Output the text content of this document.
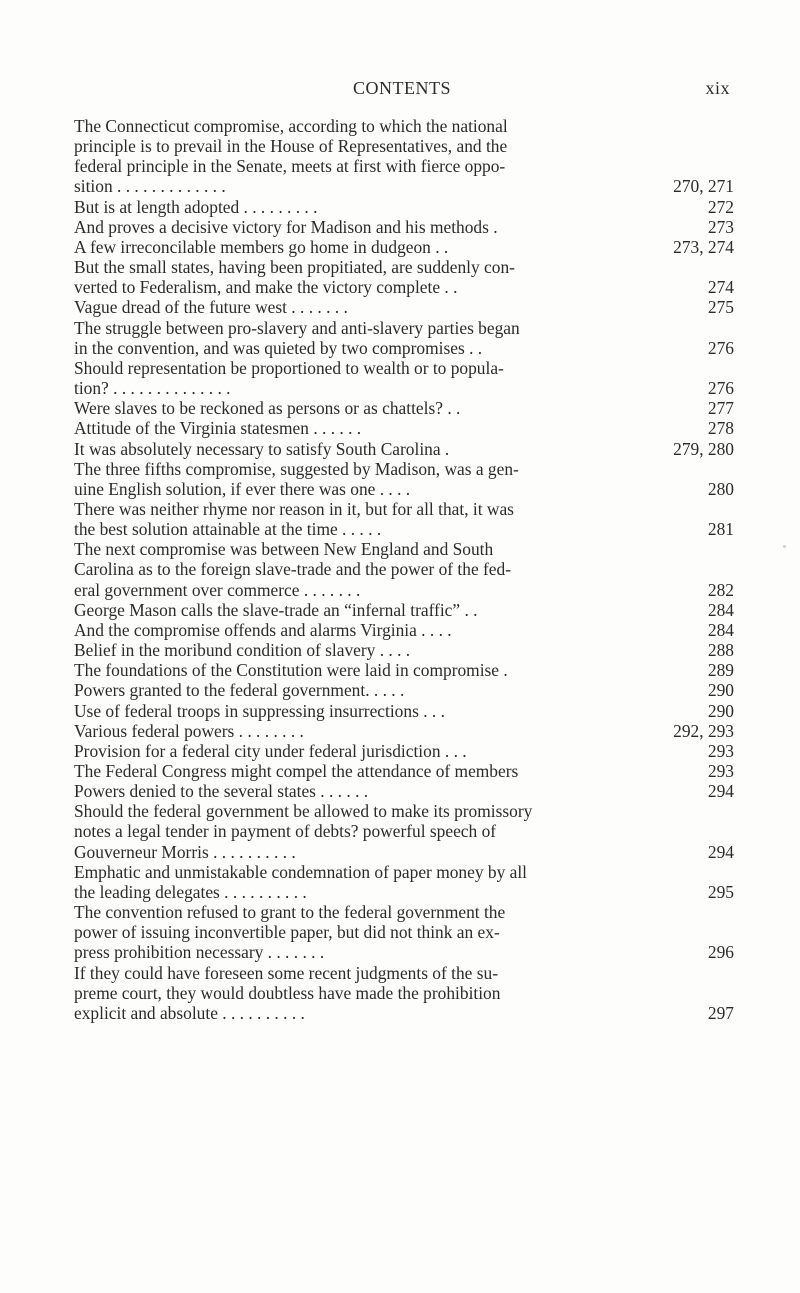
CONTENTS	xix
The Connecticut compromise, according to which the national
principle is to prevail in the House of Representatives, and the
federal principle in the Senate, meets at first with fierce oppo-
sition . . . . . . . . . . . . .	270, 271
But is at length adopted . . . . . . . . .	272
And proves a decisive victory for Madison and his methods .	273
A few irreconcilable members go home in dudgeon . .	273, 274
But the small states, having been propitiated, are suddenly con-
verted to Federalism, and make the victory complete . .	274
Vague dread of the future west . . . . . . .	275
The struggle between pro-slavery and anti-slavery parties began
in the convention, and was quieted by two compromises . .	276
Should representation be proportioned to wealth or to popula-
tion? . . . . . . . . . . . . . .	276
Were slaves to be reckoned as persons or as chattels? . .	277
Attitude of the Virginia statesmen . . . . . .	278
It was absolutely necessary to satisfy South Carolina .	279, 280
The three fifths compromise, suggested by Madison, was a gen-
uine English solution, if ever there was one . . . .	280
There was neither rhyme nor reason in it, but for all that, it was
the best solution attainable at the time . . . . .	281
The next compromise was between New England and South
Carolina as to the foreign slave-trade and the power of the fed-
eral government over commerce . . . . . . .	282
George Mason calls the slave-trade an “infernal traffic” . .	284
And the compromise offends and alarms Virginia . . . .	284
Belief in the moribund condition of slavery . . . .	288
The foundations of the Constitution were laid in compromise .	289
Powers granted to the federal government. . . . .	290
Use of federal troops in suppressing insurrections . . .	290
Various federal powers . . . . . . . .	292, 293
Provision for a federal city under federal jurisdiction . . .	293
The Federal Congress might compel the attendance of members	293
Powers denied to the several states . . . . . .	294
Should the federal government be allowed to make its promissory
notes a legal tender in payment of debts? powerful speech of
Gouverneur Morris . . . . . . . . . .	294
Emphatic and unmistakable condemnation of paper money by all
the leading delegates . . . . . . . . . .	295
The convention refused to grant to the federal government the
power of issuing inconvertible paper, but did not think an ex-
press prohibition necessary . . . . . . .	296
If they could have foreseen some recent judgments of the su-
preme court, they would doubtless have made the prohibition
explicit and absolute . . . . . . . . . .	297
